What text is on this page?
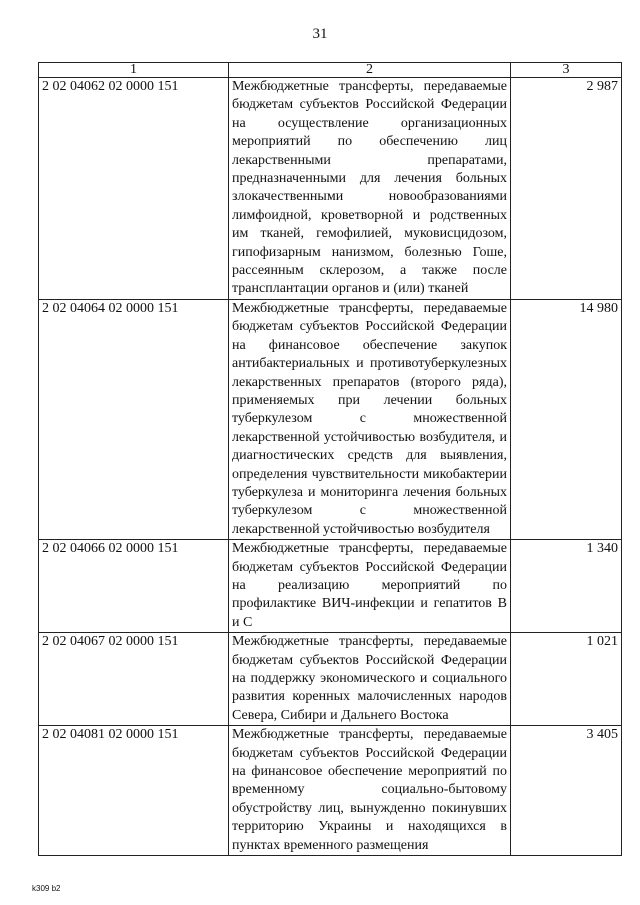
31
1	2	3
2 02 04062 02 0000 151	Межбюджетные трансферты, передаваемые бюджетам субъектов Российской Федерации на осуществление организационных мероприятий по обеспечению лиц лекарственными препаратами, предназначенными для лечения больных злокачественными новообразованиями лимфоидной, кроветворной и родственных им тканей, гемофилией, муковисцидозом, гипофизарным нанизмом, болезнью Гоше, рассеянным склерозом, а также после трансплантации органов и (или) тканей	2 987
2 02 04064 02 0000 151	Межбюджетные трансферты, передаваемые бюджетам субъектов Российской Федерации на финансовое обеспечение закупок антибактериальных и противотуберкулезных лекарственных препаратов (второго ряда), применяемых при лечении больных туберкулезом с множественной лекарственной устойчивостью возбудителя, и диагностических средств для выявления, определения чувствительности микобактерии туберкулеза и мониторинга лечения больных туберкулезом с множественной лекарственной устойчивостью возбудителя	14 980
2 02 04066 02 0000 151	Межбюджетные трансферты, передаваемые бюджетам субъектов Российской Федерации на реализацию мероприятий по профилактике ВИЧ-инфекции и гепатитов В и С	1 340
2 02 04067 02 0000 151	Межбюджетные трансферты, передаваемые бюджетам субъектов Российской Федерации на поддержку экономического и социального развития коренных малочисленных народов Севера, Сибири и Дальнего Востока	1 021
2 02 04081 02 0000 151	Межбюджетные трансферты, передаваемые бюджетам субъектов Российской Федерации на финансовое обеспечение мероприятий по временному социально-бытовому обустройству лиц, вынужденно покинувших территорию Украины и находящихся в пунктах временного размещения	3 405
k309 b2
